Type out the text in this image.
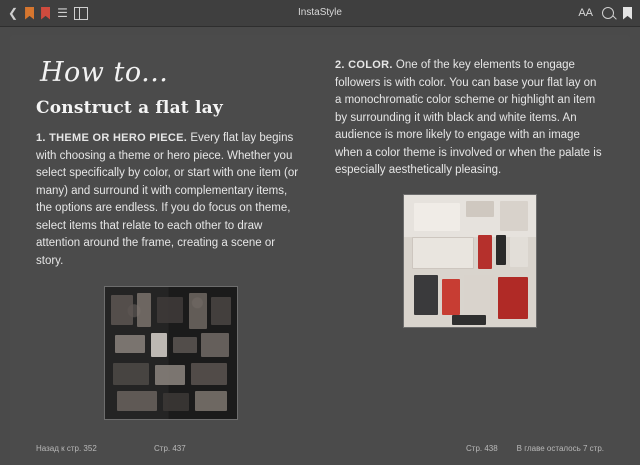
❮	☰	InstaStyle	AA
How to...
Construct a flat lay

1. THEME OR HERO PIECE. Every flat lay begins with choosing a theme or hero piece. Whether you select specifically by color, or start with one item (or many) and surround it with complementary items, the options are endless. If you do focus on theme, select items that relate to each other to draw attention around the frame, creating a scene or story.

2. COLOR. One of the key elements to engage followers is with color. You can base your flat lay on a monochromatic color scheme or highlight an item by surrounding it with black and white items. An audience is more likely to engage with an image when a color theme is involved or when the palate is especially aesthetically pleasing.

Назад к стр. 352	Стр. 437	Стр. 438	В главе осталось 7 стр.
